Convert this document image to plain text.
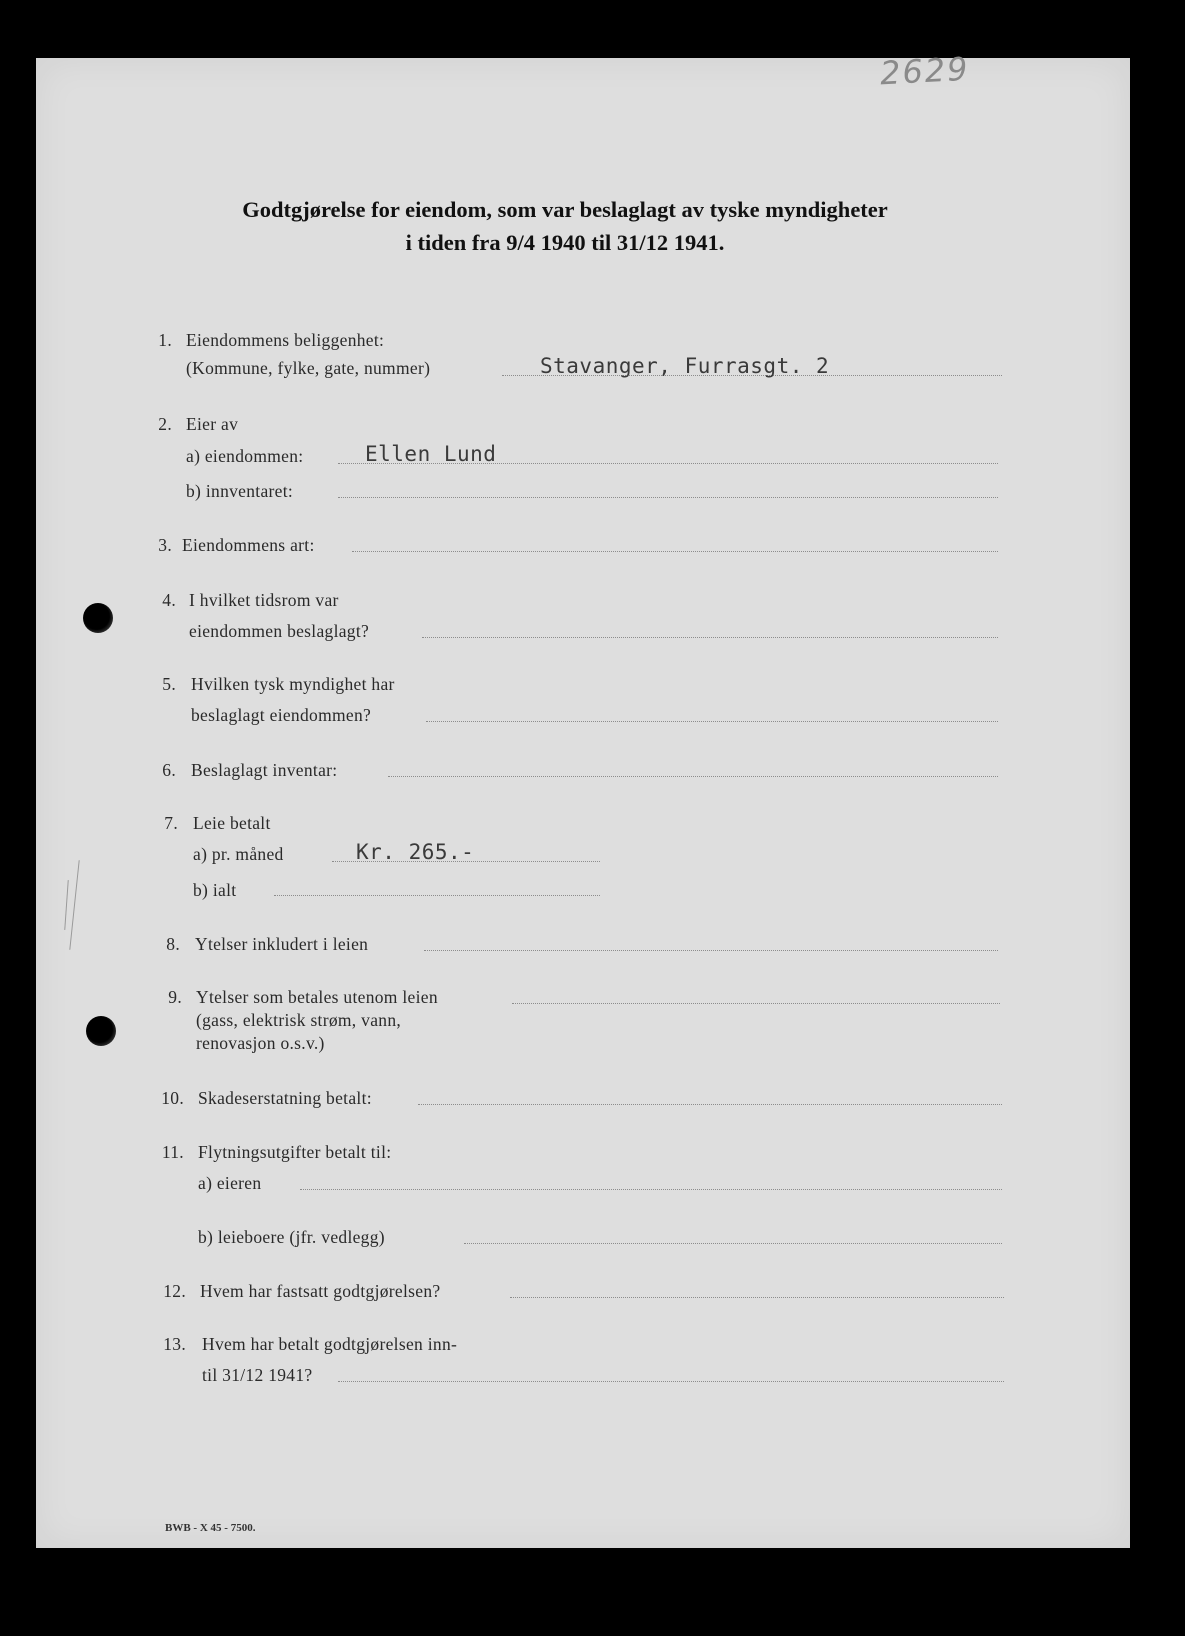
2629
Godtgjørelse for eiendom, som var beslaglagt av tyske myndigheter
i tiden fra 9/4 1940 til 31/12 1941.
1. Eiendommens beliggenhet:
(Kommune, fylke, gate, nummer)	Stavanger, Furrasgt. 2
2. Eier av
a) eiendommen:	Ellen Lund
b) innventaret:
3. Eiendommens art:
4. I hvilket tidsrom var
eiendommen beslaglagt?
5. Hvilken tysk myndighet har
beslaglagt eiendommen?
6. Beslaglagt inventar:
7. Leie betalt
a) pr. måned	Kr. 265.-
b) ialt
8. Ytelser inkludert i leien
9. Ytelser som betales utenom leien
(gass, elektrisk strøm, vann,
renovasjon o.s.v.)
10. Skadeserstatning betalt:
11. Flytningsutgifter betalt til:
a) eieren
b) leieboere (jfr. vedlegg)
12. Hvem har fastsatt godtgjørelsen?
13. Hvem har betalt godtgjørelsen inn-
til 31/12 1941?
BWB - X 45 - 7500.
